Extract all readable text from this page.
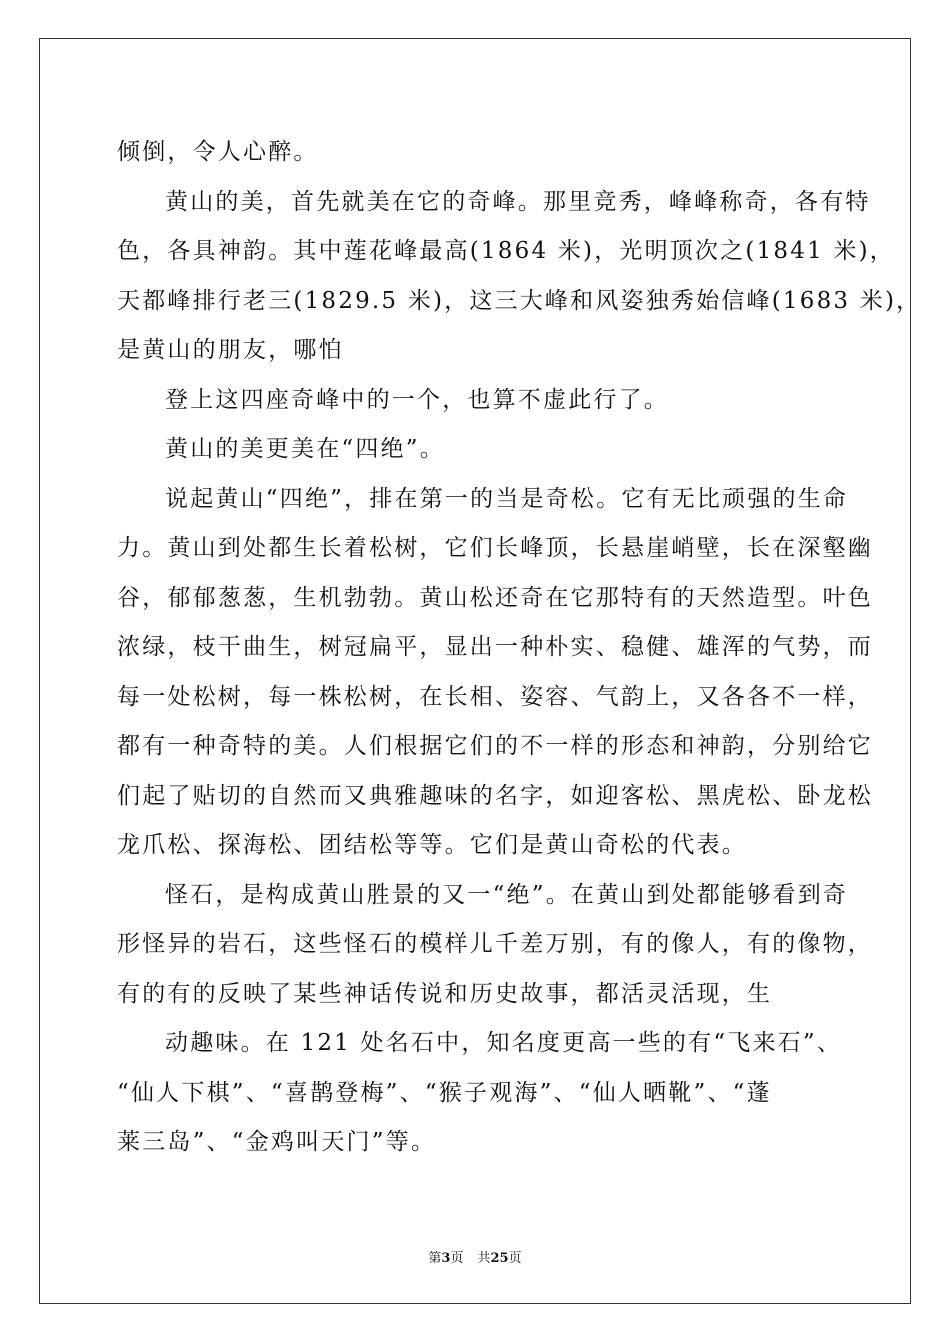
倾倒，令人心醉。
黄山的美，首先就美在它的奇峰。那里竞秀，峰峰称奇，各有特
色，各具神韵。其中莲花峰最高(1864 米)，光明顶次之(1841 米)，
天都峰排行老三(1829.5 米)，这三大峰和风姿独秀始信峰(1683 米)，
是黄山的朋友，哪怕
登上这四座奇峰中的一个，也算不虚此行了。
黄山的美更美在“四绝”。
说起黄山“四绝”，排在第一的当是奇松。它有无比顽强的生命
力。黄山到处都生长着松树，它们长峰顶，长悬崖峭壁，长在深壑幽
谷，郁郁葱葱，生机勃勃。黄山松还奇在它那特有的天然造型。叶色
浓绿，枝干曲生，树冠扁平，显出一种朴实、稳健、雄浑的气势，而
每一处松树，每一株松树，在长相、姿容、气韵上，又各各不一样，
都有一种奇特的美。人们根据它们的不一样的形态和神韵，分别给它
们起了贴切的自然而又典雅趣味的名字，如迎客松、黑虎松、卧龙松
龙爪松、探海松、团结松等等。它们是黄山奇松的代表。
怪石，是构成黄山胜景的又一“绝”。在黄山到处都能够看到奇
形怪异的岩石，这些怪石的模样儿千差万别，有的像人，有的像物，
有的有的反映了某些神话传说和历史故事，都活灵活现，生
动趣味。在 121 处名石中，知名度更高一些的有“飞来石”、
“仙人下棋”、“喜鹊登梅”、“猴子观海”、“仙人晒靴”、“蓬
莱三岛”、“金鸡叫天门”等。
第3页 共25页
